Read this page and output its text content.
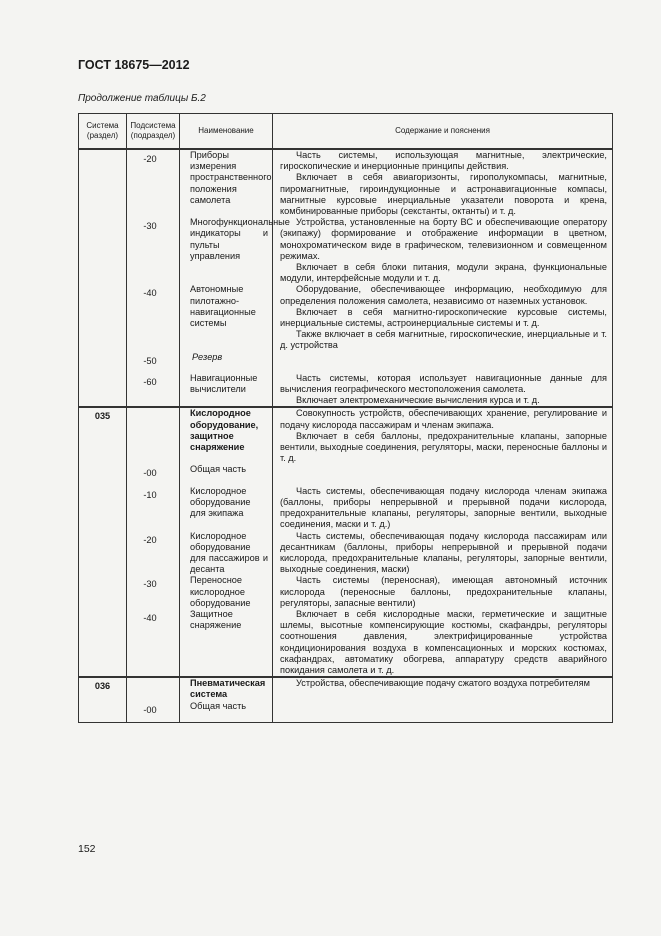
ГОСТ 18675—2012
Продолжение таблицы Б.2
Система (раздел)	Подсистема (подраздел)	Наименование	Содержание и пояснения
	-20	Приборы измерения пространственного положения самолета	Часть системы, использующая магнитные, электрические, гироскопические и инерционные принципы действия.

Включает в себя авиагоризонты, гирополукомпасы, магнитные, пиромагнитные, гироиндукционные и астронавигационные компасы, магнитные курсовые инерциальные указатели поворота и крена, комбинированные приборы (секстанты, октанты) и т. д.

	-30	Многофункциональные индикаторы и пульты управления	Устройства, установленные на борту ВС и обеспечивающие оператору (экипажу) формирование и отображение информации в цветном, монохроматическом виде в графическом, телевизионном и совмещенном режимах.

Включает в себя блоки питания, модули экрана, функциональные модули, интерфейсные модули и т. д.

	-40	Автономные пилотажно-навигационные системы	Оборудование, обеспечивающее информацию, необходимую для определения положения самолета, независимо от наземных установок.

Включает в себя магнитно-гироскопические курсовые системы, инерциальные системы, астроинерциальные системы и т. д.

Также включает в себя магнитные, гироскопические, инерциальные и т. д. устройства

	-50	Резерв	
	-60	Навигационные вычислители	Часть системы, которая использует навигационные данные для вычисления географического местоположения самолета.

Включает электромеханические вычисления курса и т. д.

035		Кислородное оборудование, защитное снаряжение	Совокупность устройств, обеспечивающих хранение, регулирование и подачу кислорода пассажирам и членам экипажа.

Включает в себя баллоны, предохранительные клапаны, запорные вентили, выходные соединения, регуляторы, маски, переносные баллоны и т. д.

	-00	Общая часть	
	-10	Кислородное оборудование для экипажа	Часть системы, обеспечивающая подачу кислорода членам экипажа (баллоны, приборы непрерывной и прерывной подачи кислорода, предохранительные клапаны, регуляторы, запорные вентили, выходные соединения, маски и т. д.)

	-20	Кислородное оборудование для пассажиров и десанта	Часть системы, обеспечивающая подачу кислорода пассажирам или десантникам (баллоны, приборы непрерывной и прерывной подачи кислорода, предохранительные клапаны, регуляторы, запорные вентили, выходные соединения, маски)

	-30	Переносное кислородное оборудование	Часть системы (переносная), имеющая автономный источник кислорода (переносные баллоны, предохранительные клапаны, регуляторы, запасные вентили)

	-40	Защитное снаряжение	Включает в себя кислородные маски, герметические и защитные шлемы, высотные компенсирующие костюмы, скафандры, регуляторы соотношения давления, электрифицированные устройства кондиционирования воздуха в компенсационных и морских костюмах, скафандрах, автоматику обогрева, аппаратуру средств аварийного покидания самолета и т. д.

036		Пневматическая система	Устройства, обеспечивающие подачу сжатого воздуха потребителям

	-00	Общая часть	
152
